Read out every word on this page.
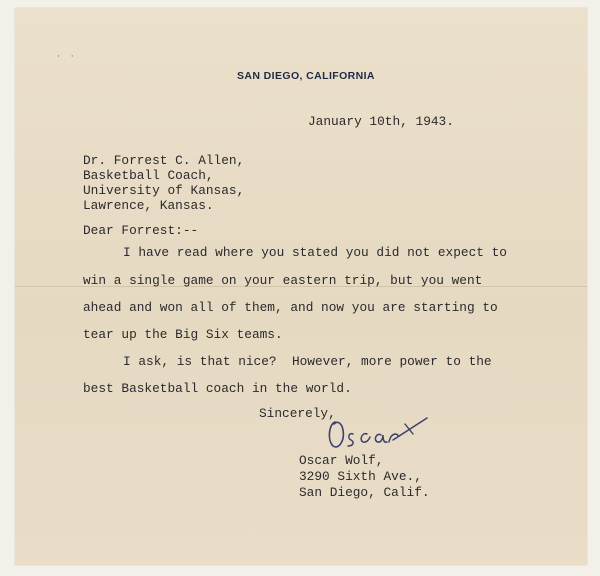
· ·
SAN DIEGO, CALIFORNIA
January 10th, 1943.
Dr. Forrest C. Allen,
Basketball Coach,
University of Kansas,
Lawrence, Kansas.
Dear Forrest:--
I have read where you stated you did not expect to
win a single game on your eastern trip, but you went
ahead and won all of them, and now you are starting to
tear up the Big Six teams.
I ask, is that nice?  However, more power to the
best Basketball coach in the world.
Sincerely,
Oscar Wolf,
3290 Sixth Ave.,
San Diego, Calif.
